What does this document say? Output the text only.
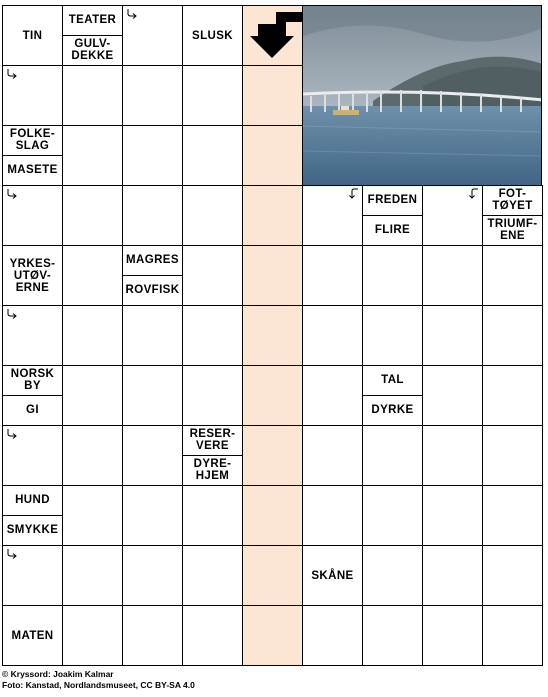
TIN
TEATER
GULV-
DEKKE
SLUSK
FOLKE-
SLAG
MASETE
FREDEN
FLIRE
FOT-
TØYET
TRIUMF-
ENE
YRKES-
UTØV-
ERNE
MAGRES
ROVFISK
NORSK
BY
GI
TAL
DYRKE
RESER-
VERE
DYRE-
HJEM
HUND
SMYKKE
SKÅNE
MATEN
© Kryssord: Joakim Kalmar
Foto: Kanstad, Nordlandsmuseet, CC BY-SA 4.0
